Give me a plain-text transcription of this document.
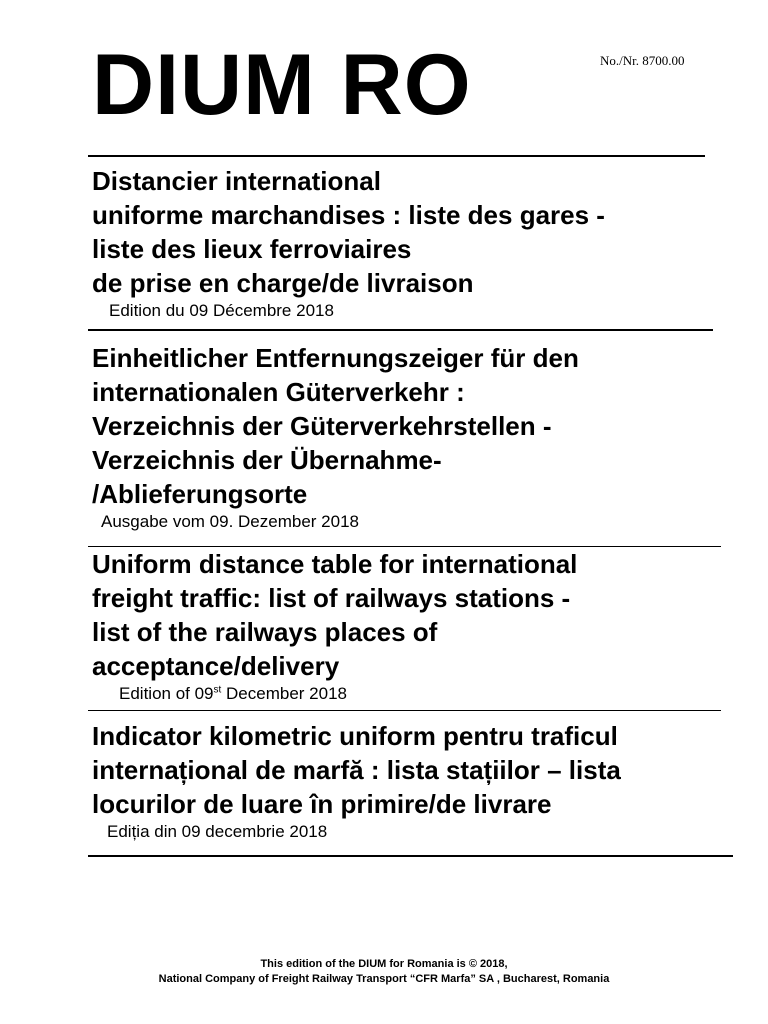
DIUM RO	No./Nr. 8700.00
Distancier international
uniforme marchandises : liste des gares -
liste des lieux ferroviaires
de prise en charge/de livraison
Edition du 09 Décembre 2018
Einheitlicher Entfernungszeiger für den
internationalen Güterverkehr :
Verzeichnis der Güterverkehrstellen -
Verzeichnis der Übernahme-
/Ablieferungsorte
Ausgabe vom 09. Dezember 2018
Uniform distance table for international
freight traffic: list of railways stations -
list of the railways places of
acceptance/delivery
Edition of 09st December 2018
Indicator kilometric uniform pentru traficul
internațional de marfă : lista stațiilor – lista
locurilor de luare în primire/de livrare
Ediția din 09 decembrie 2018
This edition of the DIUM for Romania is © 2018,
National Company of Freight Railway Transport “CFR Marfa” SA , Bucharest, Romania
